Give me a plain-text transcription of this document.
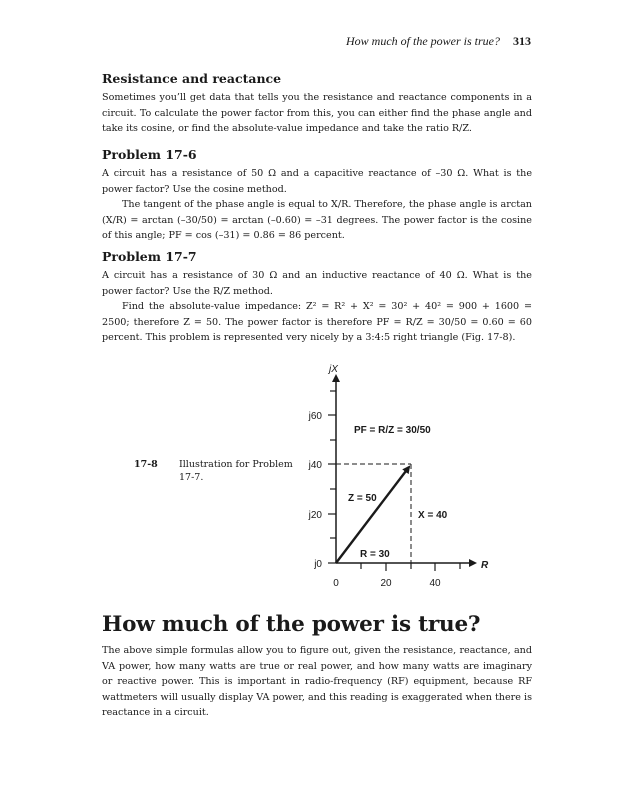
How much of the power is true? 313
Resistance and reactance

Sometimes you’ll get data that tells you the resistance and reactance components in a circuit. To calculate the power factor from this, you can either find the phase angle and take its cosine, or find the absolute-value impedance and take the ratio R/Z.

Problem 17-6

A circuit has a resistance of 50 Ω and a capacitive reactance of –30 Ω. What is the power factor? Use the cosine method.

The tangent of the phase angle is equal to X/R. Therefore, the phase angle is arctan (X/R) = arctan (–30/50) = arctan (–0.60) = –31 degrees. The power factor is the cosine of this angle; PF = cos (–31) = 0.86 = 86 percent.

Problem 17-7

A circuit has a resistance of 30 Ω and an inductive reactance of 40 Ω. What is the power factor? Use the R/Z method.

Find the absolute-value impedance: Z² = R² + X² = 30² + 40² = 900 + 1600 = 2500; therefore Z = 50. The power factor is therefore PF = R/Z = 30/50 = 0.60 = 60 percent. This problem is represented very nicely by a 3:4:5 right triangle (Fig. 17-8).

17-8 Illustration for Problem 17-7.
jX
R
j0
j20
j40
j60
0	20	40
PF = R/Z = 30/50
Z = 50
X = 40
R = 30
How much of the power is true?

The above simple formulas allow you to figure out, given the resistance, reactance, and VA power, how many watts are true or real power, and how many watts are imaginary or reactive power. This is important in radio-frequency (RF) equipment, because RF wattmeters will usually display VA power, and this reading is exaggerated when there is reactance in a circuit.
